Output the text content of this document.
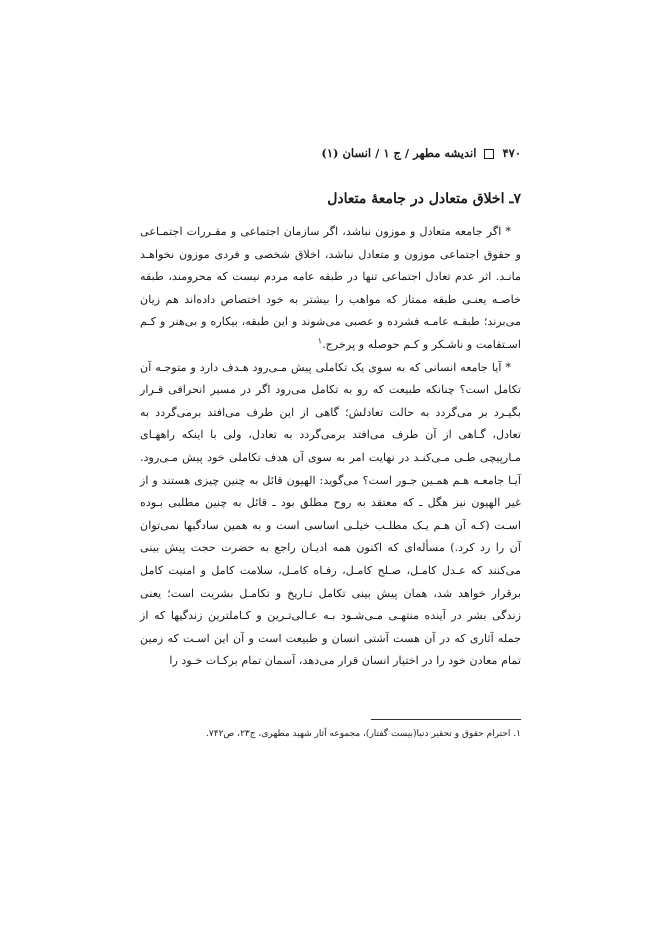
۴۷۰  اندیشه مطهر / ج ۱ / انسان (۱)
۷ـ اخلاق متعادل در جامعهٔ متعادل

* اگر جامعه متعادل و موزون نباشد، اگر سازمان اجتماعی و مقـررات اجتمـاعی و حقوق اجتماعی موزون و متعادل نباشد، اخلاق شخصی و فردی موزون نخواهـد مانـد. اثر عدم تعادل اجتماعی تنها در طبقه عامه مردم نیست که محرومند، طبقه خاصـه یعنـی طبقه ممتاز که مواهب را بیشتر به خود اختصاص داده‌اند هم زیان می‌برند؛ طبقـه عامـه فشرده و عصبی می‌شوند و این طبقه، بیکاره و بی‌هنر و کـم اسـتقامت و ناشـکر و کـم حوصله و پرخرج.$^۱$

* آیا جامعه انسانی که به سوی یک تکاملی پیش مـی‌رود هـدف دارد و متوجـه آن تکامل است؟ چنانکه طبیعت که رو به تکامل می‌رود اگر در مسیر انحرافی قـرار بگیـرد بر می‌گردد به حالت تعادلش؛ گاهی از این طرف می‌افتد برمی‌گردد به تعادل، گـاهی از آن طرف می‌افتد برمی‌گردد به تعادل، ولی با اینکه راههـای مـارپیچی طـی مـی‌کنـد در نهایت امر به سوی آن هدف تکاملی خود پیش مـی‌رود. آیـا جامعـه هـم همـین جـور است؟ می‌گوید: الهیون قائل به چنین چیزی هستند و از غیر الهیون نیز هگل ـ که معتقد به روح مطلق بود ـ قائل به چنین مطلبی بـوده اسـت (کـه آن هـم یـک مطلـب خیلـی اساسی است و به همین سادگیها نمی‌توان آن را رد کرد.) مسأله‌ای که اکنون همه ادیـان راجع به حضرت حجت پیش بینی می‌کنند که عـدل کامـل، صـلح کامـل، رفـاه کامـل، سلامت کامل و امنیت کامل برقرار خواهد شد، همان پیش بینی تکامل تـاریخ و تکامـل بشریت است؛ یعنی زندگی بشر در آینده منتهـی مـی‌شـود بـه عـالی‌تـرین و کـاملترین زندگیها که از جمله آثاری که در آن هست آشتی انسان و طبیعت است و آن این اسـت که زمین تمام معادن خود را در اختیار انسان قرار می‌دهد، آسمان تمام برکـات خـود را

۱. احترام حقوق و تحقیر دنیا(بیست گفتار)، مجموعه آثار شهید مطهری، ج۲۳، ص۷۴۲.
